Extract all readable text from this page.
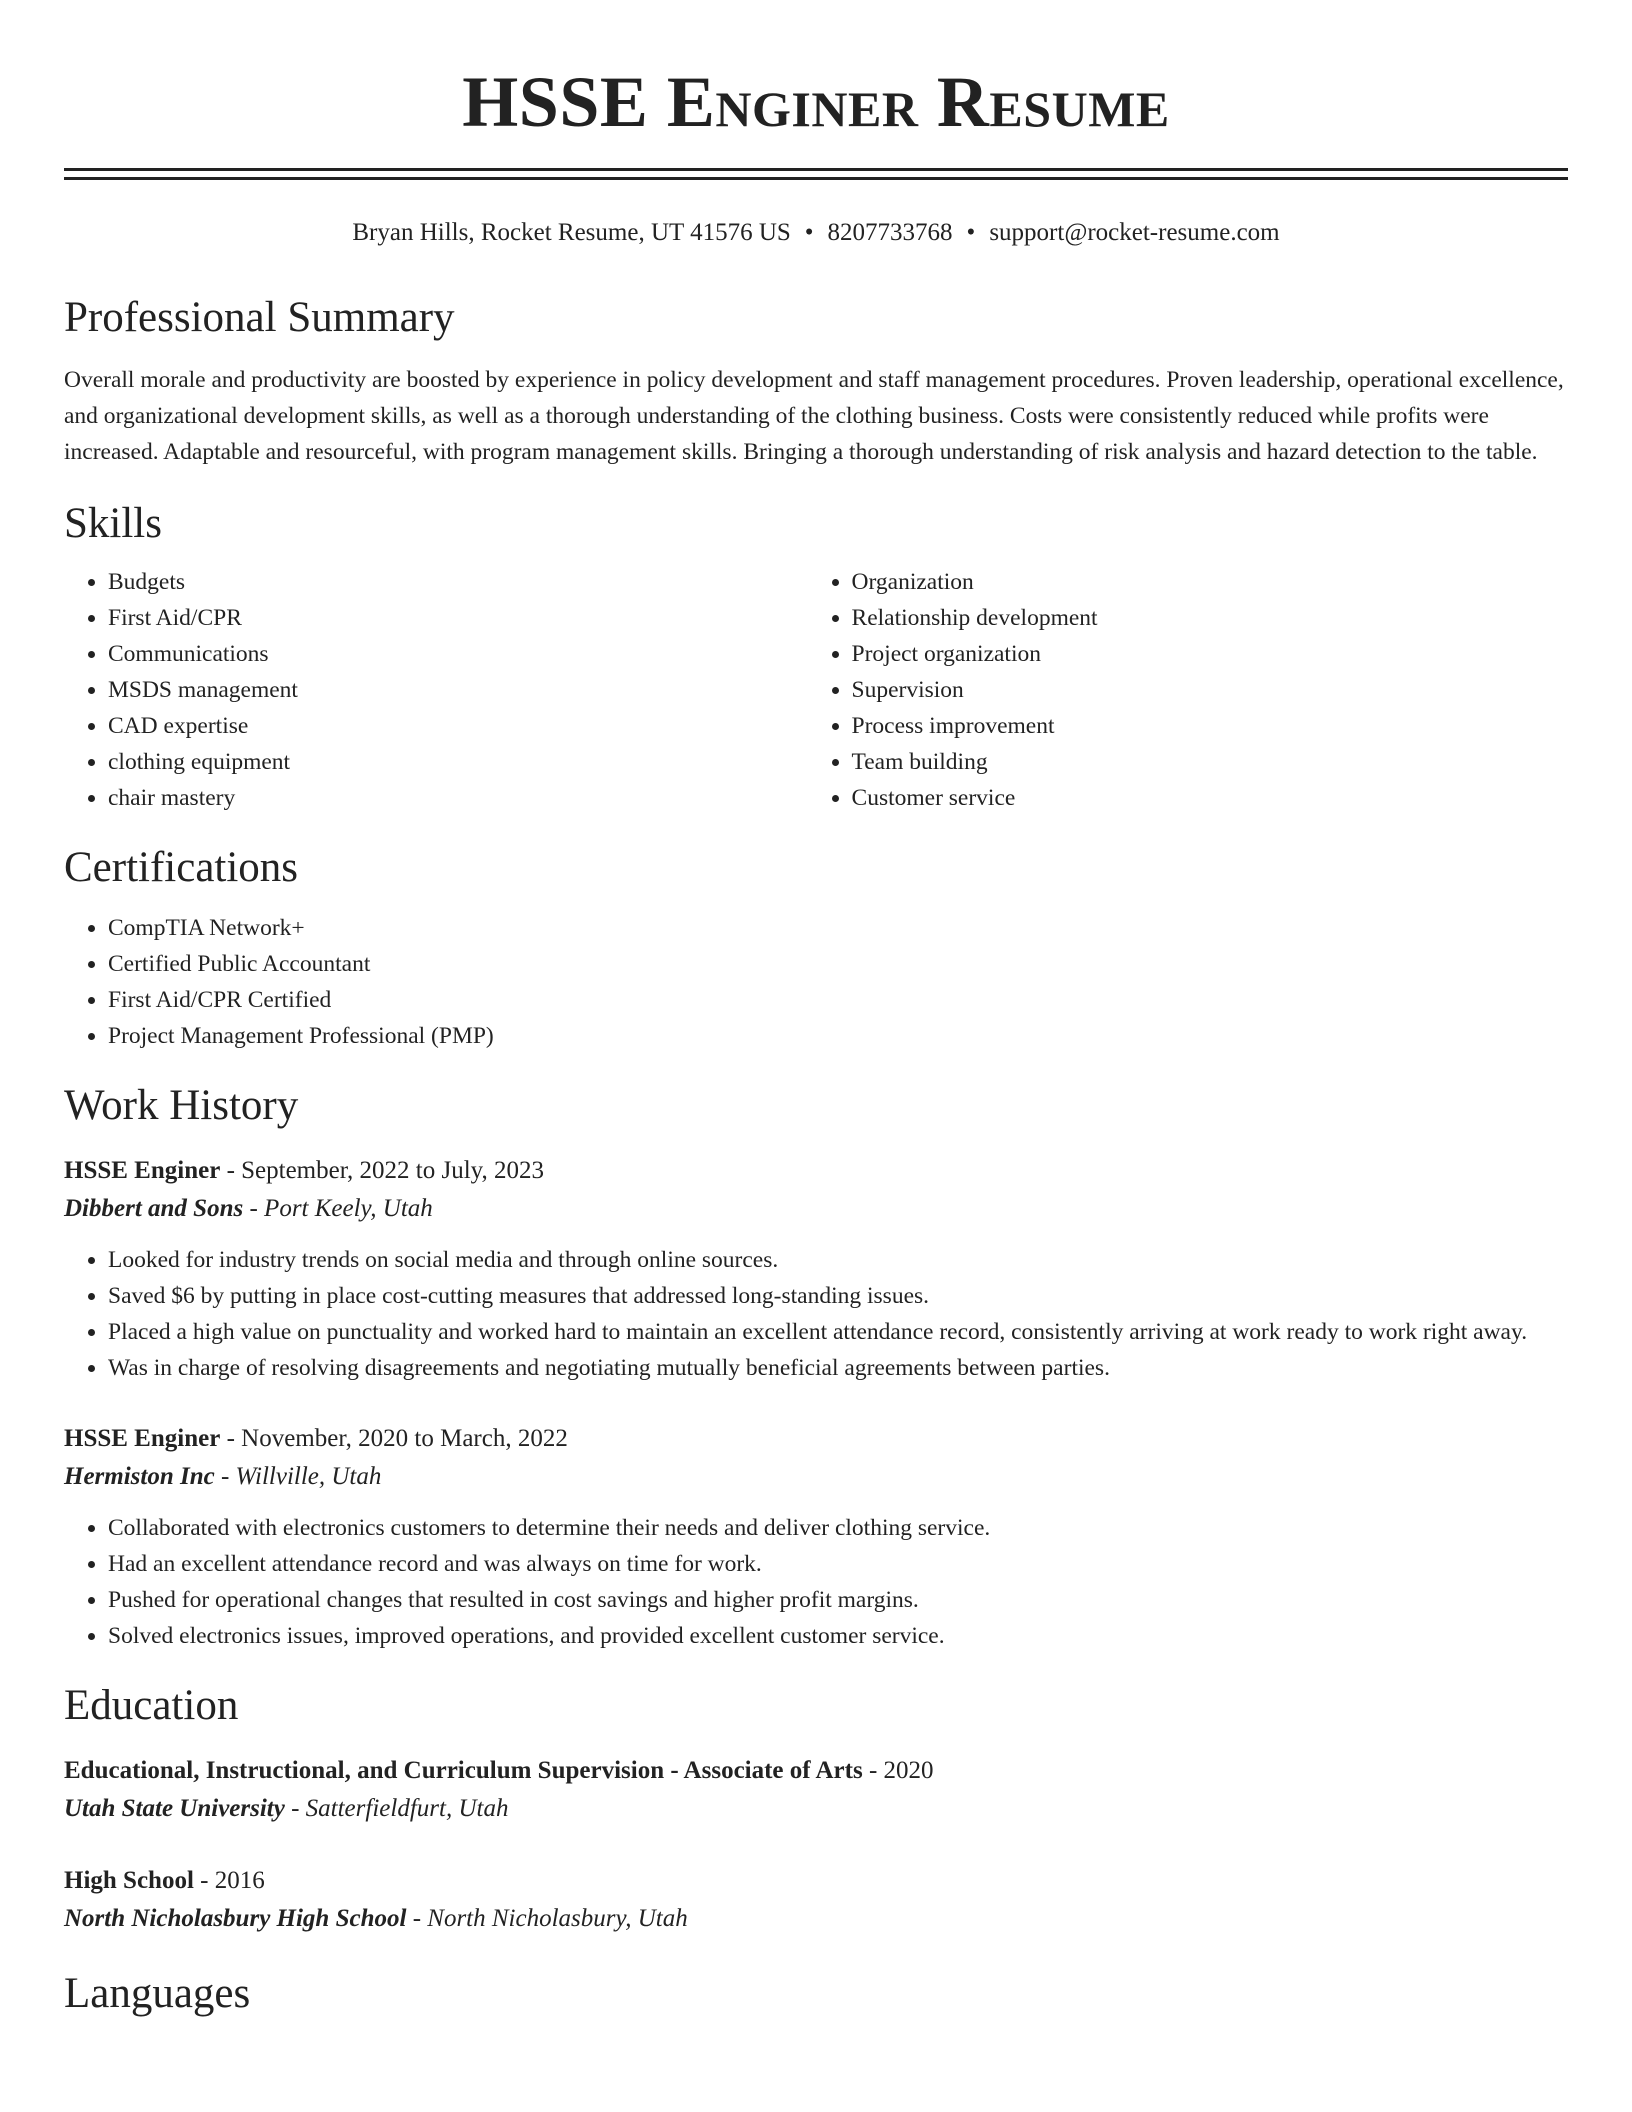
HSSE Enginer Resume
Bryan Hills, Rocket Resume, UT 41576 US • 8207733768 • support@rocket-resume.com
Professional Summary

Overall morale and productivity are boosted by experience in policy development and staff management procedures. Proven leadership, operational excellence, and organizational development skills, as well as a thorough understanding of the clothing business. Costs were consistently reduced while profits were increased. Adaptable and resourceful, with program management skills. Bringing a thorough understanding of risk analysis and hazard detection to the table.

Skills
• Budgets
• First Aid/CPR
• Communications
• MSDS management
• CAD expertise
• clothing equipment
• chair mastery
• Organization
• Relationship development
• Project organization
• Supervision
• Process improvement
• Team building
• Customer service
Certifications
• CompTIA Network+
• Certified Public Accountant
• First Aid/CPR Certified
• Project Management Professional (PMP)
Work History
HSSE Enginer - September, 2022 to July, 2023
Dibbert and Sons - Port Keely, Utah
• Looked for industry trends on social media and through online sources.
• Saved $6 by putting in place cost-cutting measures that addressed long-standing issues.
• Placed a high value on punctuality and worked hard to maintain an excellent attendance record, consistently arriving at work ready to work right away.
• Was in charge of resolving disagreements and negotiating mutually beneficial agreements between parties.
HSSE Enginer - November, 2020 to March, 2022
Hermiston Inc - Willville, Utah
• Collaborated with electronics customers to determine their needs and deliver clothing service.
• Had an excellent attendance record and was always on time for work.
• Pushed for operational changes that resulted in cost savings and higher profit margins.
• Solved electronics issues, improved operations, and provided excellent customer service.
Education
Educational, Instructional, and Curriculum Supervision - Associate of Arts - 2020
Utah State University - Satterfieldfurt, Utah
High School - 2016
North Nicholasbury High School - North Nicholasbury, Utah
Languages
